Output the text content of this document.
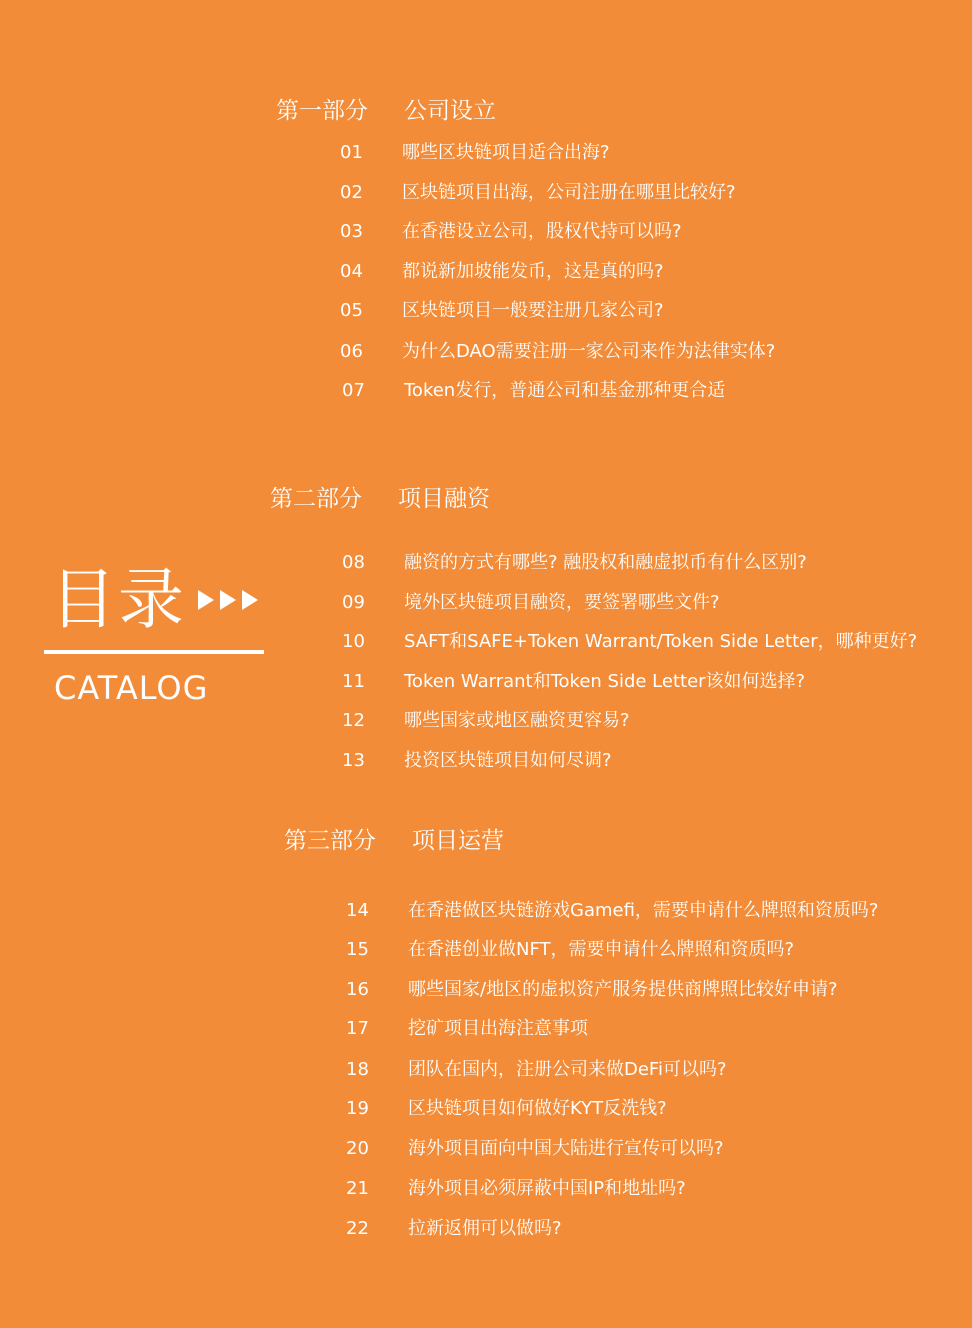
目录
CATALOG
第一部分	公司设立
01	哪些区块链项目适合出海?
02	区块链项目出海，公司注册在哪里比较好?
03	在香港设立公司，股权代持可以吗?
04	都说新加坡能发币，这是真的吗?
05	区块链项目一般要注册几家公司?
06	为什么DAO需要注册一家公司来作为法律实体?
07	Token发行，普通公司和基金那种更合适
第二部分	项目融资
08	融资的方式有哪些? 融股权和融虚拟币有什么区别?
09	境外区块链项目融资，要签署哪些文件?
10	SAFT和SAFE+Token Warrant/Token Side Letter，哪种更好?
11	Token Warrant和Token Side Letter该如何选择?
12	哪些国家或地区融资更容易?
13	投资区块链项目如何尽调?
第三部分	项目运营
14	在香港做区块链游戏Gamefi，需要申请什么牌照和资质吗?
15	在香港创业做NFT，需要申请什么牌照和资质吗?
16	哪些国家/地区的虚拟资产服务提供商牌照比较好申请?
17	挖矿项目出海注意事项
18	团队在国内，注册公司来做DeFi可以吗?
19	区块链项目如何做好KYT反洗钱?
20	海外项目面向中国大陆进行宣传可以吗?
21	海外项目必须屏蔽中国IP和地址吗?
22	拉新返佣可以做吗?
